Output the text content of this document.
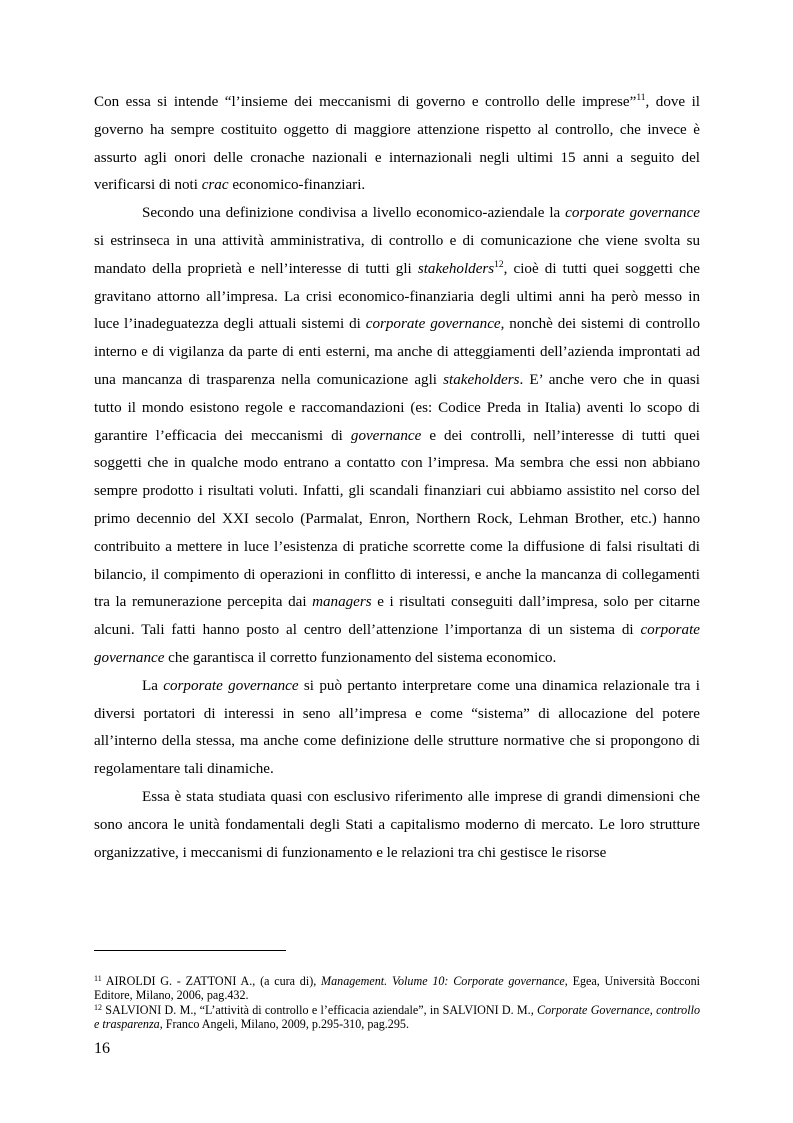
Con essa si intende “l’insieme dei meccanismi di governo e controllo delle imprese”$^{11}$, dove il governo ha sempre costituito oggetto di maggiore attenzione rispetto al controllo, che invece è assurto agli onori delle cronache nazionali e internazionali negli ultimi 15 anni a seguito del verificarsi di noti crac economico-finanziari.

Secondo una definizione condivisa a livello economico-aziendale la corporate governance si estrinseca in una attività amministrativa, di controllo e di comunicazione che viene svolta su mandato della proprietà e nell’interesse di tutti gli stakeholders$^{12}$, cioè di tutti quei soggetti che gravitano attorno all’impresa. La crisi economico-finanziaria degli ultimi anni ha però messo in luce l’inadeguatezza degli attuali sistemi di corporate governance, nonchè dei sistemi di controllo interno e di vigilanza da parte di enti esterni, ma anche di atteggiamenti dell’azienda improntati ad una mancanza di trasparenza nella comunicazione agli stakeholders. E’ anche vero che in quasi tutto il mondo esistono regole e raccomandazioni (es: Codice Preda in Italia) aventi lo scopo di garantire l’efficacia dei meccanismi di governance e dei controlli, nell’interesse di tutti quei soggetti che in qualche modo entrano a contatto con l’impresa. Ma sembra che essi non abbiano sempre prodotto i risultati voluti. Infatti, gli scandali finanziari cui abbiamo assistito nel corso del primo decennio del XXI secolo (Parmalat, Enron, Northern Rock, Lehman Brother, etc.) hanno contribuito a mettere in luce l’esistenza di pratiche scorrette come la diffusione di falsi risultati di bilancio, il compimento di operazioni in conflitto di interessi, e anche la mancanza di collegamenti tra la remunerazione percepita dai managers e i risultati conseguiti dall’impresa, solo per citarne alcuni. Tali fatti hanno posto al centro dell’attenzione l’importanza di un sistema di corporate governance che garantisca il corretto funzionamento del sistema economico.

La corporate governance si può pertanto interpretare come una dinamica relazionale tra i diversi portatori di interessi in seno all’impresa e come “sistema” di allocazione del potere all’interno della stessa, ma anche come definizione delle strutture normative che si propongono di regolamentare tali dinamiche.

Essa è stata studiata quasi con esclusivo riferimento alle imprese di grandi dimensioni che sono ancora le unità fondamentali degli Stati a capitalismo moderno di mercato. Le loro strutture organizzative, i meccanismi di funzionamento e le relazioni tra chi gestisce le risorse

$^{11}$ AIROLDI G. - ZATTONI A., (a cura di), Management. Volume 10: Corporate governance, Egea, Università Bocconi Editore, Milano, 2006, pag.432.

$^{12}$ SALVIONI D. M., “L’attività di controllo e l’efficacia aziendale”, in SALVIONI D. M., Corporate Governance, controllo e trasparenza, Franco Angeli, Milano, 2009, p.295-310, pag.295.

16
